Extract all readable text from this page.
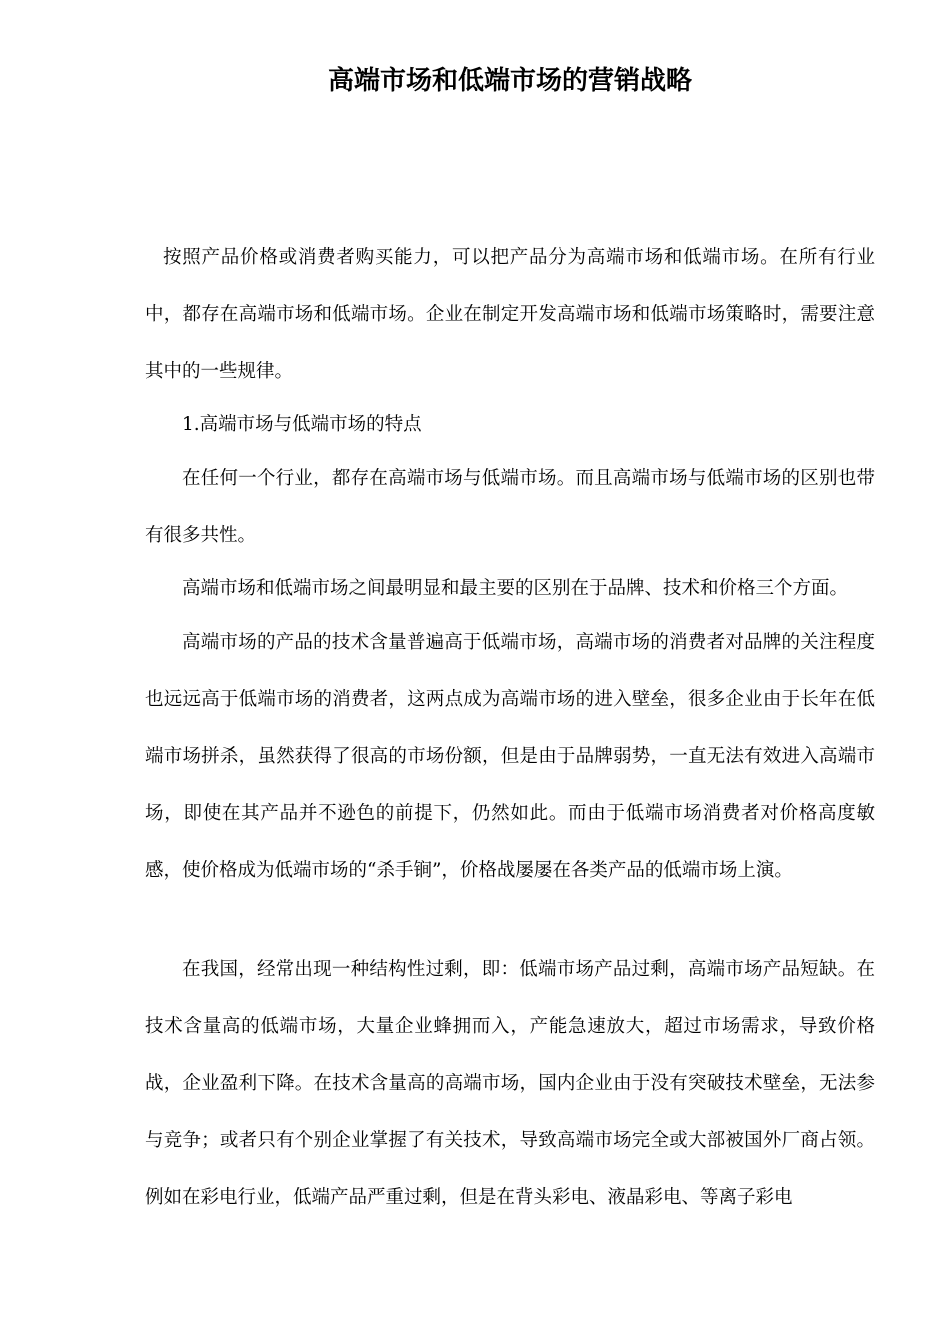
高端市场和低端市场的营销战略

按照产品价格或消费者购买能力，可以把产品分为高端市场和低端市场。在所有行业中，都存在高端市场和低端市场。企业在制定开发高端市场和低端市场策略时，需要注意其中的一些规律。

1.高端市场与低端市场的特点

在任何一个行业，都存在高端市场与低端市场。而且高端市场与低端市场的区别也带有很多共性。

高端市场和低端市场之间最明显和最主要的区别在于品牌、技术和价格三个方面。

高端市场的产品的技术含量普遍高于低端市场，高端市场的消费者对品牌的关注程度也远远高于低端市场的消费者，这两点成为高端市场的进入壁垒，很多企业由于长年在低端市场拼杀，虽然获得了很高的市场份额，但是由于品牌弱势，一直无法有效进入高端市场，即使在其产品并不逊色的前提下，仍然如此。而由于低端市场消费者对价格高度敏感，使价格成为低端市场的“杀手锏”，价格战屡屡在各类产品的低端市场上演。

在我国，经常出现一种结构性过剩，即：低端市场产品过剩，高端市场产品短缺。在技术含量高的低端市场，大量企业蜂拥而入，产能急速放大，超过市场需求，导致价格战，企业盈利下降。在技术含量高的高端市场，国内企业由于没有突破技术壁垒，无法参与竞争；或者只有个别企业掌握了有关技术，导致高端市场完全或大部被国外厂商占领。例如在彩电行业，低端产品严重过剩，但是在背头彩电、液晶彩电、等离子彩电
